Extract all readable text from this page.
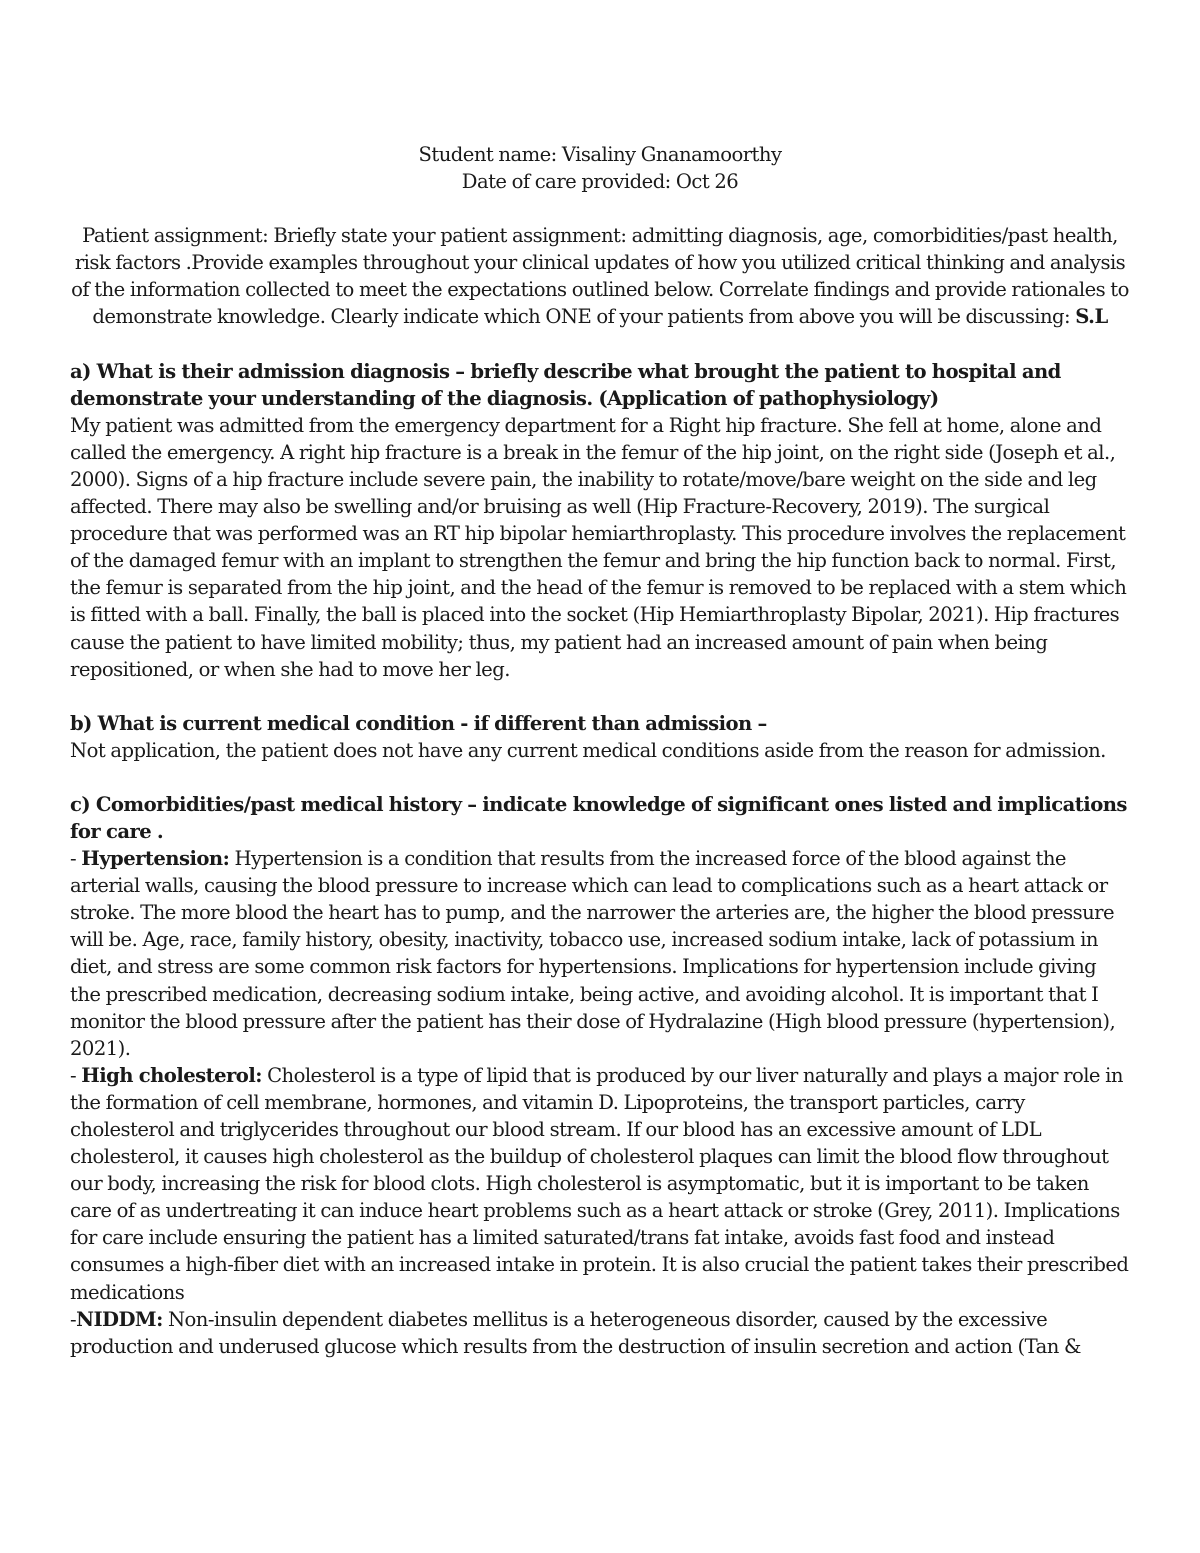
Student name: Visaliny Gnanamoorthy

Date of care provided: Oct 26

Patient assignment: Briefly state your patient assignment: admitting diagnosis, age, comorbidities/past health, risk factors .Provide examples throughout your clinical updates of how you utilized critical thinking and analysis of the information collected to meet the expectations outlined below. Correlate findings and provide rationales to demonstrate knowledge. Clearly indicate which ONE of your patients from above you will be discussing: S.L

a) What is their admission diagnosis – briefly describe what brought the patient to hospital and demonstrate your understanding of the diagnosis. (Application of pathophysiology)

My patient was admitted from the emergency department for a Right hip fracture. She fell at home, alone and called the emergency. A right hip fracture is a break in the femur of the hip joint, on the right side (Joseph et al., 2000). Signs of a hip fracture include severe pain, the inability to rotate/move/bare weight on the side and leg affected. There may also be swelling and/or bruising as well (Hip Fracture-Recovery, 2019). The surgical procedure that was performed was an RT hip bipolar hemiarthroplasty. This procedure involves the replacement of the damaged femur with an implant to strengthen the femur and bring the hip function back to normal. First, the femur is separated from the hip joint, and the head of the femur is removed to be replaced with a stem which is fitted with a ball. Finally, the ball is placed into the socket (Hip Hemiarthroplasty Bipolar, 2021). Hip fractures cause the patient to have limited mobility; thus, my patient had an increased amount of pain when being repositioned, or when she had to move her leg.

b) What is current medical condition - if different than admission –

Not application, the patient does not have any current medical conditions aside from the reason for admission.

c) Comorbidities/past medical history – indicate knowledge of significant ones listed and implications for care .

- Hypertension: Hypertension is a condition that results from the increased force of the blood against the arterial walls, causing the blood pressure to increase which can lead to complications such as a heart attack or stroke. The more blood the heart has to pump, and the narrower the arteries are, the higher the blood pressure will be. Age, race, family history, obesity, inactivity, tobacco use, increased sodium intake, lack of potassium in diet, and stress are some common risk factors for hypertensions. Implications for hypertension include giving the prescribed medication, decreasing sodium intake, being active, and avoiding alcohol. It is important that I monitor the blood pressure after the patient has their dose of Hydralazine (High blood pressure (hypertension), 2021).

- High cholesterol: Cholesterol is a type of lipid that is produced by our liver naturally and plays a major role in the formation of cell membrane, hormones, and vitamin D. Lipoproteins, the transport particles, carry cholesterol and triglycerides throughout our blood stream. If our blood has an excessive amount of LDL cholesterol, it causes high cholesterol as the buildup of cholesterol plaques can limit the blood flow throughout our body, increasing the risk for blood clots. High cholesterol is asymptomatic, but it is important to be taken care of as undertreating it can induce heart problems such as a heart attack or stroke (Grey, 2011). Implications for care include ensuring the patient has a limited saturated/trans fat intake, avoids fast food and instead consumes a high-fiber diet with an increased intake in protein. It is also crucial the patient takes their prescribed medications

-NIDDM: Non-insulin dependent diabetes mellitus is a heterogeneous disorder, caused by the excessive production and underused glucose which results from the destruction of insulin secretion and action (Tan &
